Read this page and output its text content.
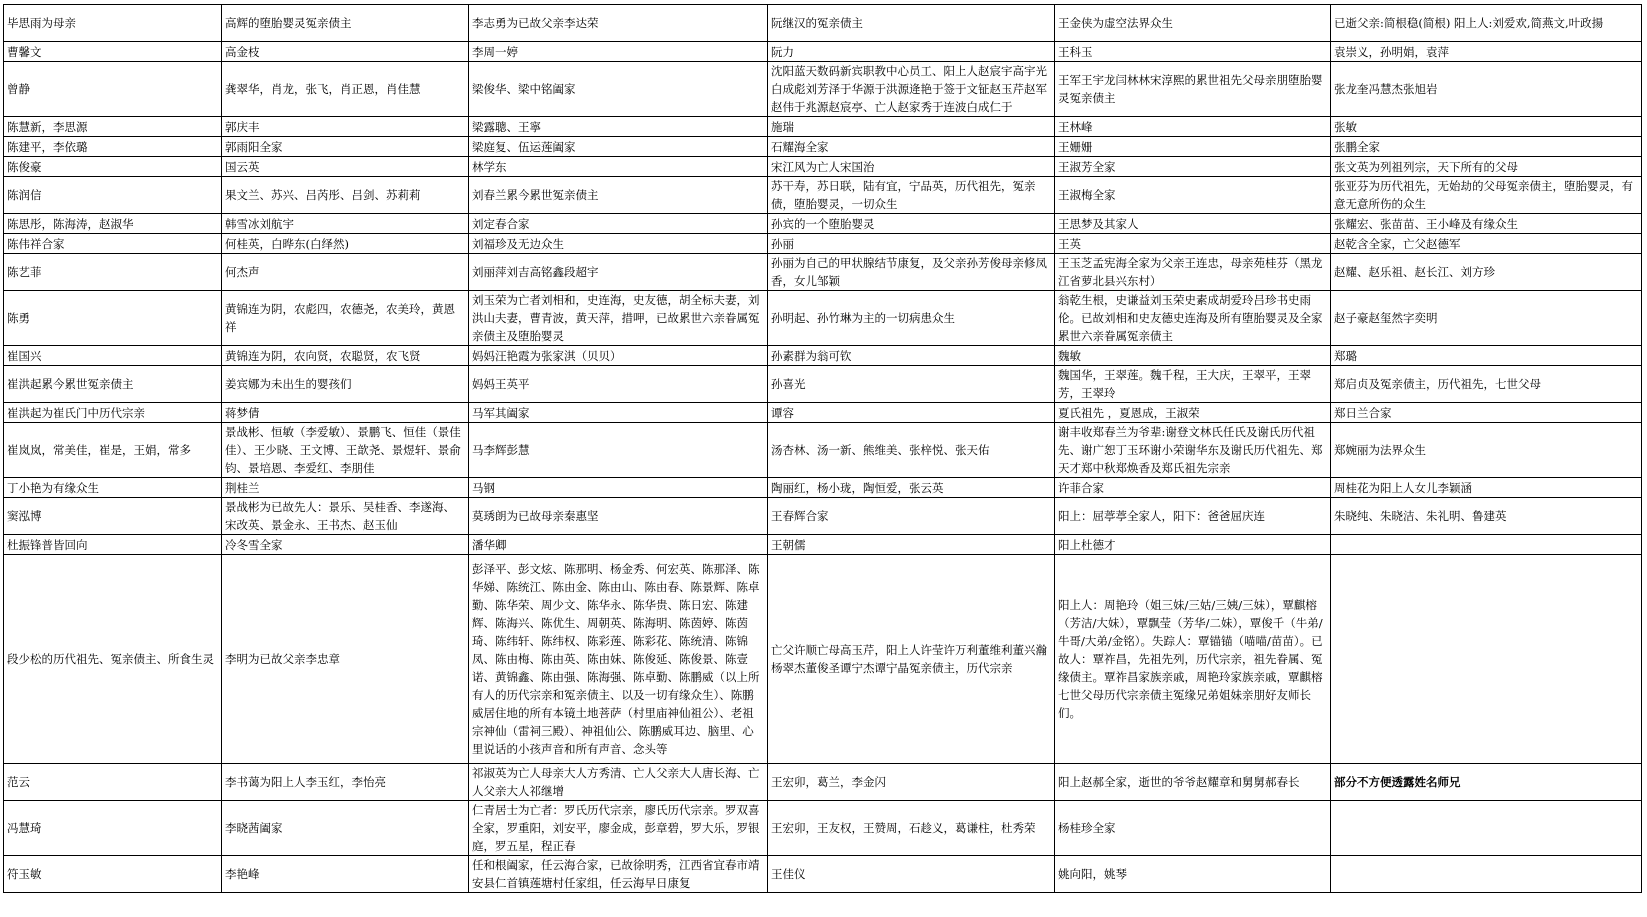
毕思雨为母亲	高辉的堕胎婴灵冤亲债主	李志勇为已故父亲李达荣	阮继汉的冤亲债主	王金侠为虚空法界众生	已逝父亲:简根稳(简根) 阳上人:刘爱欢,简燕文,叶政揚
曹馨文	高金枝	李周一婷	阮力	王科玉	袁崇义，孙明娟，袁萍
曾静	龚翠华，肖龙，张飞，肖正恩，肖佳慧	梁俊华、梁中铭阖家	沈阳蓝天数码新宾职教中心员工、阳上人赵宸宇高宇光白成彪刘芳泽于华源于洪源逄艳于签于文钲赵玉芹赵军赵伟于兆源赵宸亭、亡人赵家秀于连波白成仁于	王军王宇龙闫林林宋淳熙的累世祖先父母亲朋堕胎婴灵冤亲债主	张龙奎冯慧杰张旭岩
陈慧新，李思源	郭庆丰	梁露聰、王寧	施瑞	王林峰	张敏
陈建平，李依璐	郭雨阳全家	梁庭复、伍运莲阖家	石耀海全家	王姗姗	张鹏全家
陈俊豪	国云英	林学东	宋江风为亡人宋国治	王淑芳全家	张文英为列祖列宗，天下所有的父母
陈润信	果文兰、苏兴、吕芮彤、吕剑、苏莉莉	刘春兰累今累世冤亲债主	苏干寿，苏日联，陆有宜，宁品英，历代祖先，冤亲债，堕胎婴灵，一切众生	王淑梅全家	张亚芬为历代祖先，无始劫的父母冤亲债主，堕胎婴灵，有意无意所伤的众生
陈思彤，陈海涛，赵淑华	韩雪冰刘航宇	刘定春合家	孙宾的一个堕胎婴灵	王思梦及其家人	张耀宏、张苗苗、王小峰及有缘众生
陈伟祥合家	何桂英，白晔东(白绎然)	刘福珍及无边众生	孙丽	王英	赵乾含全家，亡父赵德军
陈艺菲	何杰声	刘丽萍刘吉高铭鑫段超宇	孙丽为自己的甲状腺结节康复，及父亲孙芳俊母亲修凤香，女儿邹颖	王玉芝孟宪海全家为父亲王连忠，母亲苑桂芬（黑龙江省萝北县兴东村）	赵耀、赵乐祖、赵长江、刘方珍
陈勇	黄锦连为阴，农彪四，农德尧，农美玲，黄恩祥	刘玉荣为亡者刘相和，史连海，史友德，胡全标夫妻，刘洪山夫妻，曹青波，黄天萍，措呷，已故累世六亲眷属冤亲债主及堕胎婴灵	孙明起、孙竹琳为主的一切病患众生	翁乾生根，史谦益刘玉荣史素成胡爱玲吕珍书史雨伦。已故刘相和史友德史连海及所有堕胎婴灵及全家累世六亲眷属冤亲债主	赵子豪赵玺然字奕明
崔国兴	黄锦连为阴，农向贤，农聪贤，农飞贤	妈妈汪艳霞为张家淇（贝贝）	孙素群为翁可钦	魏敏	郑璐
崔洪起累今累世冤亲债主	姜宾娜为未出生的婴孩们	妈妈王英平	孙喜光	魏国华，王翠莲。魏千程，王大庆，王翠平，王翠芳，王翠玲	郑启贞及冤亲债主，历代祖先，七世父母
崔洪起为崔氏门中历代宗亲	蒋梦倩	马军其阖家	谭容	夏氏祖先 ，夏恩成，王淑荣	郑日兰合家
崔岚岚，常美佳，崔是，王娟，常多	景战彬、恒敏（李爱敏）、景鹏飞、恒佳（景佳佳）、王少晓、王文博、王歆尧、景煜轩、景俞钧、景培恩、李爱红、李朋佳	马李辉彭慧	汤杏林、汤一新、熊维美、张梓悦、张天佑	谢丰收郑春兰为爷辈:谢登文林氏任氏及谢氏历代祖先、谢广恕丁玉环谢小荣谢华东及谢氏历代祖先、郑天才郑中秋郑焕香及郑氏祖先宗亲	郑婉丽为法界众生
丁小艳为有缘众生	荆桂兰	马钢	陶丽红，杨小珑，陶恒爱，张云英	许菲合家	周桂花为阳上人女儿李颖涵
窦泓博	景战彬为已故先人：景乐、吴桂香、李遂海、宋改英、景金永、王书杰、赵玉仙	莫琇朗为已故母亲秦惠坚	王春辉合家	阳上：屈葶葶全家人，阳下：爸爸屈庆连	朱晓纯、朱晓洁、朱礼明、鲁建英
杜振锋普皆回向	冷冬雪全家	潘华卿	王朝儒	阳上杜德才	
段少松的历代祖先、冤亲债主、所食生灵	李明为已故父亲李忠章	彭泽平、彭文炫、陈那明、杨金秀、何宏英、陈那泽、陈华娣、陈统江、陈由金、陈由山、陈由春、陈景辉、陈卓勤、陈华荣、周少文、陈华永、陈华贵、陈日宏、陈建辉、陈海兴、陈优生、周朝英、陈海明、陈茵婷、陈茵琦、陈纬轩、陈纬权、陈彩莲、陈彩花、陈统清、陈锦凤、陈由梅、陈由英、陈由妹、陈俊延、陈俊景、陈壹诺、黄锦鑫、陈由强、陈海强、陈卓勤、陈鹏威（以上所有人的历代宗亲和冤亲债主、以及一切有缘众生）、陈鹏威居住地的所有本镜土地菩萨（村里庙神仙祖公）、老祖宗神仙（雷祠三殿）、神祖仙公、陈鹏威耳边、脑里、心里说话的小孩声音和所有声音、念头等	亡父许顺亡母高玉芹，阳上人许莹许万利董维利董兴瀚杨翠杰董俊圣谭宁杰谭宁晶冤亲债主，历代宗亲	阳上人：周艳玲（姐三妹/三姑/三姨/三妹），覃麒榕（芳洁/大妹），覃飘莹（芳华/二妹），覃俊千（牛弟/牛哥/大弟/金铭）。失踪人：覃锚锚（喵喵/苗苗）。已故人：覃祚昌，先祖先列，历代宗亲，祖先眷属、冤缘债主。覃祚昌家族亲戚，周艳玲家族亲戚，覃麒榕七世父母历代宗亲债主冤缘兄弟姐妹亲朋好友师长们。	
范云	李书蔼为阳上人李玉红，李怡亮	祁淑英为亡人母亲大人方秀清、亡人父亲大人唐长海、亡人父亲大人祁继增	王宏卯，葛兰，李金闪	阳上赵郝全家，逝世的爷爷赵耀章和舅舅郝春长	部分不方便透露姓名师兄
冯慧琦	李晓茜阖家	仁青居士为亡者：罗氏历代宗亲，廖氏历代宗亲。罗双喜全家，罗重阳，刘安平，廖金成，彭章碧，罗大乐，罗银庭，罗五星，程正春	王宏卯，王友权，王赞周，石趁义，葛谦柱，杜秀荣	杨桂珍全家	
符玉敏	李艳峰	任和根阖家，任云海合家，已故徐明秀，江西省宜春市靖安县仁首镇莲塘村任家组，任云海早日康复	王佳仪	姚向阳，姚琴	
